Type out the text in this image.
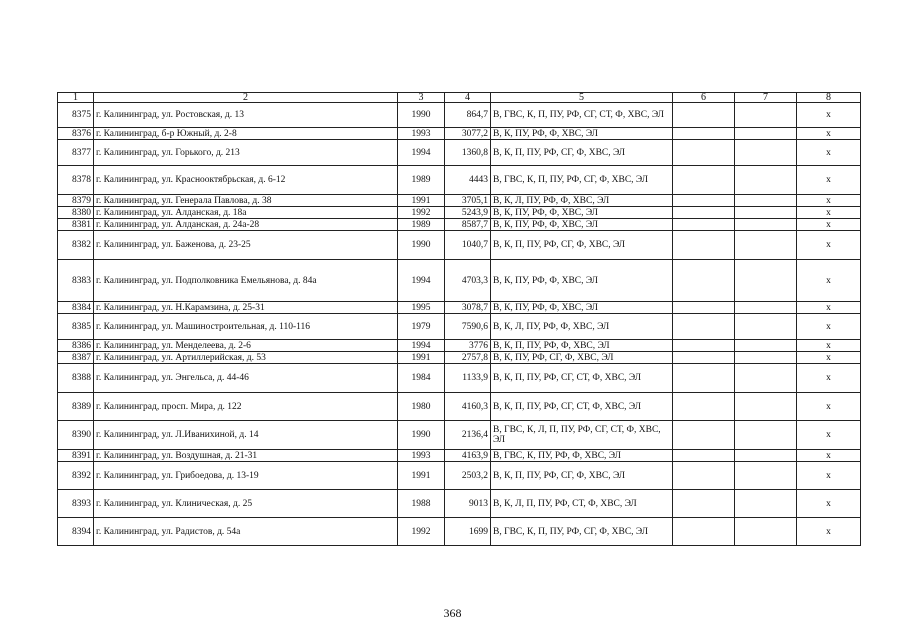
1	2	3	4	5	6	7	8
8375	г. Калининград, ул. Ростовская, д. 13	1990	864,7	В, ГВС, К, П, ПУ, РФ, СГ, СТ, Ф, ХВС, ЭЛ			х
8376	г. Калининград, б-р Южный, д. 2-8	1993	3077,2	В, К, ПУ, РФ, Ф, ХВС, ЭЛ			х
8377	г. Калининград, ул. Горького, д. 213	1994	1360,8	В, К, П, ПУ, РФ, СГ, Ф, ХВС, ЭЛ			х
8378	г. Калининград, ул. Краснооктябрьская, д. 6-12	1989	4443	В, ГВС, К, П, ПУ, РФ, СГ, Ф, ХВС, ЭЛ			х
8379	г. Калининград, ул. Генерала Павлова, д. 38	1991	3705,1	В, К, Л, ПУ, РФ, Ф, ХВС, ЭЛ			х
8380	г. Калининград, ул. Алданская, д. 18а	1992	5243,9	В, К, ПУ, РФ, Ф, ХВС, ЭЛ			х
8381	г. Калининград, ул. Алданская, д. 24а-28	1989	8587,7	В, К, ПУ, РФ, Ф, ХВС, ЭЛ			х
8382	г. Калининград, ул. Баженова, д. 23-25	1990	1040,7	В, К, П, ПУ, РФ, СГ, Ф, ХВС, ЭЛ			х
8383	г. Калининград, ул. Подполковника Емельянова, д. 84а	1994	4703,3	В, К, ПУ, РФ, Ф, ХВС, ЭЛ			х
8384	г. Калининград, ул. Н.Карамзина, д. 25-31	1995	3078,7	В, К, ПУ, РФ, Ф, ХВС, ЭЛ			х
8385	г. Калининград, ул. Машиностроительная, д. 110-116	1979	7590,6	В, К, Л, ПУ, РФ, Ф, ХВС, ЭЛ			х
8386	г. Калининград, ул. Менделеева, д. 2-6	1994	3776	В, К, П, ПУ, РФ, Ф, ХВС, ЭЛ			х
8387	г. Калининград, ул. Артиллерийская, д. 53	1991	2757,8	В, К, ПУ, РФ, СГ, Ф, ХВС, ЭЛ			х
8388	г. Калининград, ул. Энгельса, д. 44-46	1984	1133,9	В, К, П, ПУ, РФ, СГ, СТ, Ф, ХВС, ЭЛ			х
8389	г. Калининград, просп. Мира, д. 122	1980	4160,3	В, К, П, ПУ, РФ, СГ, СТ, Ф, ХВС, ЭЛ			х
8390	г. Калининград, ул. Л.Иванихиной, д. 14	1990	2136,4	В, ГВС, К, Л, П, ПУ, РФ, СГ, СТ, Ф, ХВС, ЭЛ			х
8391	г. Калининград, ул. Воздушная, д. 21-31	1993	4163,9	В, ГВС, К, ПУ, РФ, Ф, ХВС, ЭЛ			х
8392	г. Калининград, ул. Грибоедова, д. 13-19	1991	2503,2	В, К, П, ПУ, РФ, СГ, Ф, ХВС, ЭЛ			х
8393	г. Калининград, ул. Клиническая, д. 25	1988	9013	В, К, Л, П, ПУ, РФ, СТ, Ф, ХВС, ЭЛ			х
8394	г. Калининград, ул. Радистов, д. 54а	1992	1699	В, ГВС, К, П, ПУ, РФ, СГ, Ф, ХВС, ЭЛ			х
368
